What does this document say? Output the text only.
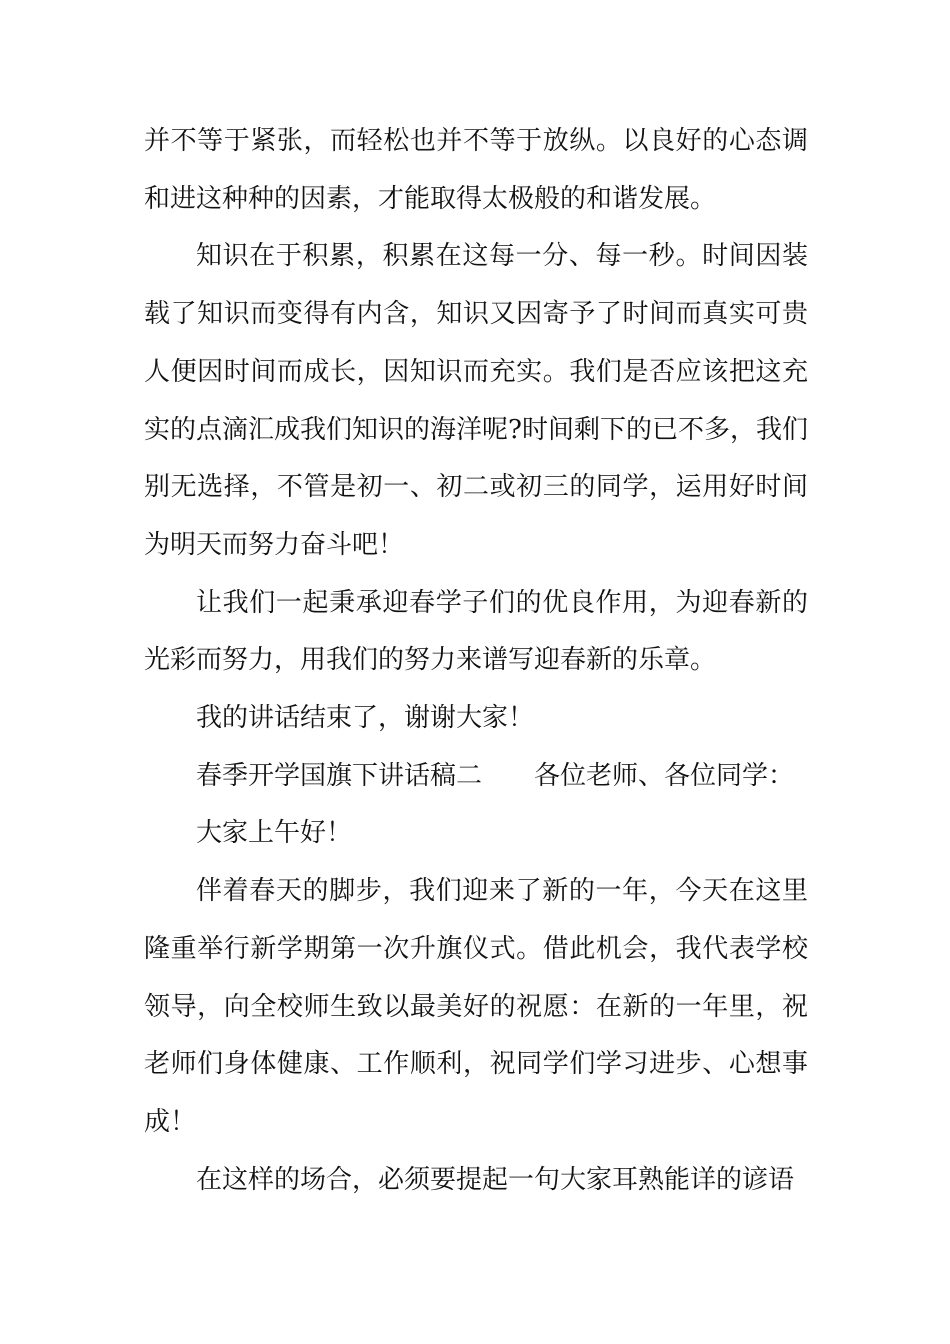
并不等于紧张，而轻松也并不等于放纵。以良好的心态调和进这种种的因素，才能取得太极般的和谐发展。

知识在于积累，积累在这每一分、每一秒。时间因装载了知识而变得有内含，知识又因寄予了时间而真实可贵人便因时间而成长，因知识而充实。我们是否应该把这充实的点滴汇成我们知识的海洋呢?时间剩下的已不多，我们别无选择，不管是初一、初二或初三的同学，运用好时间为明天而努力奋斗吧！

让我们一起秉承迎春学子们的优良作用，为迎春新的光彩而努力，用我们的努力来谱写迎春新的乐章。

我的讲话结束了，谢谢大家！

春季开学国旗下讲话稿二　　各位老师、各位同学：

大家上午好！

伴着春天的脚步，我们迎来了新的一年，今天在这里隆重举行新学期第一次升旗仪式。借此机会，我代表学校领导，向全校师生致以最美好的祝愿：在新的一年里，祝老师们身体健康、工作顺利，祝同学们学习进步、心想事成！

在这样的场合，必须要提起一句大家耳熟能详的谚语
